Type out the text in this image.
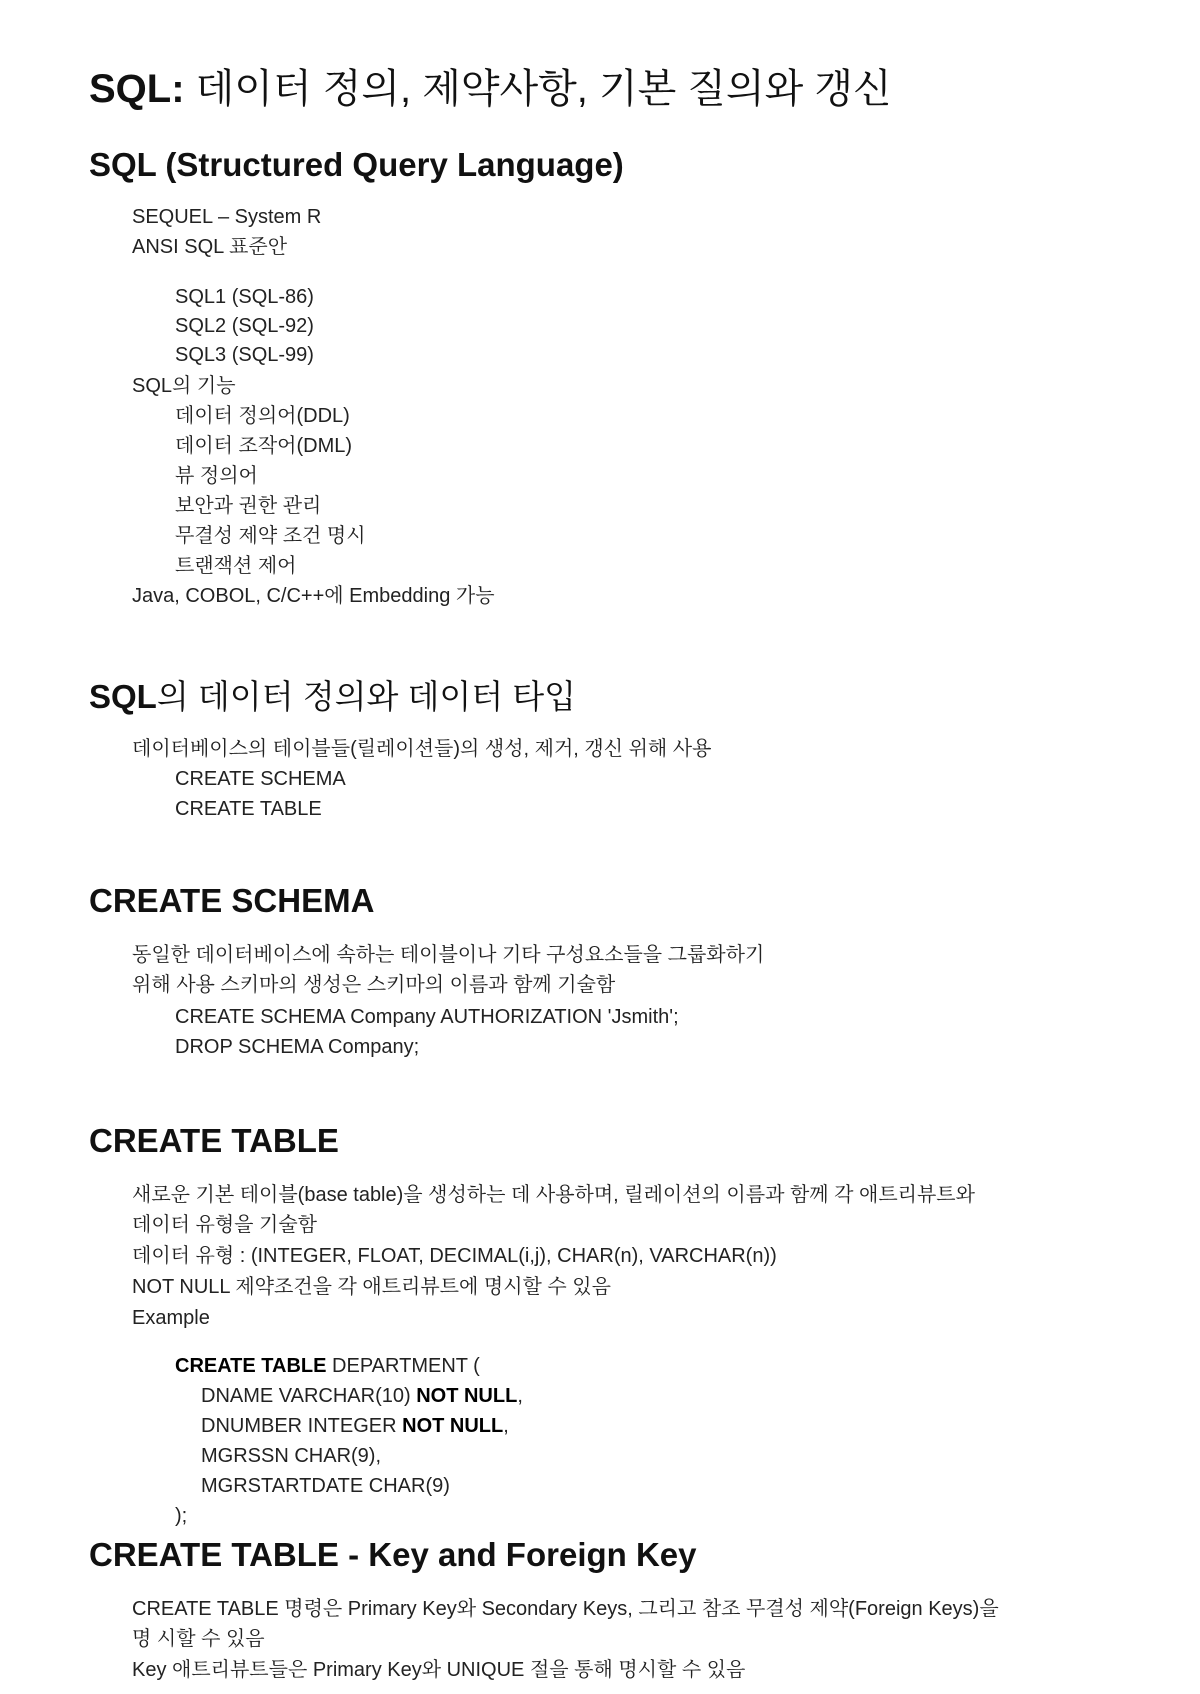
SQL: 데이터 정의, 제약사항, 기본 질의와 갱신
SQL (Structured Query Language)
SEQUEL – System R
ANSI SQL 표준안
SQL1 (SQL-86)
SQL2 (SQL-92)
SQL3 (SQL-99)
SQL의 기능
데이터 정의어(DDL)
데이터 조작어(DML)
뷰 정의어
보안과 권한 관리
무결성 제약 조건 명시
트랜잭션 제어
Java, COBOL, C/C++에 Embedding 가능
SQL의 데이터 정의와 데이터 타입
데이터베이스의 테이블들(릴레이션들)의 생성, 제거, 갱신 위해 사용
CREATE SCHEMA
CREATE TABLE
CREATE SCHEMA
동일한 데이터베이스에 속하는 테이블이나 기타 구성요소들을 그룹화하기
위해 사용 스키마의 생성은 스키마의 이름과 함께 기술함
CREATE SCHEMA Company AUTHORIZATION 'Jsmith';
DROP SCHEMA Company;
CREATE TABLE
새로운 기본 테이블(base table)을 생성하는 데 사용하며, 릴레이션의 이름과 함께 각 애트리뷰트와
데이터 유형을 기술함
데이터 유형 : (INTEGER, FLOAT, DECIMAL(i,j), CHAR(n), VARCHAR(n))
NOT NULL 제약조건을 각 애트리뷰트에 명시할 수 있음
Example
CREATE TABLE DEPARTMENT (
DNAME VARCHAR(10) NOT NULL,
DNUMBER INTEGER NOT NULL,
MGRSSN CHAR(9),
MGRSTARTDATE CHAR(9)
);
CREATE TABLE - Key and Foreign Key
CREATE TABLE 명령은 Primary Key와 Secondary Keys, 그리고 참조 무결성 제약(Foreign Keys)을
명 시할 수 있음
Key 애트리뷰트들은 Primary Key와 UNIQUE 절을 통해 명시할 수 있음
